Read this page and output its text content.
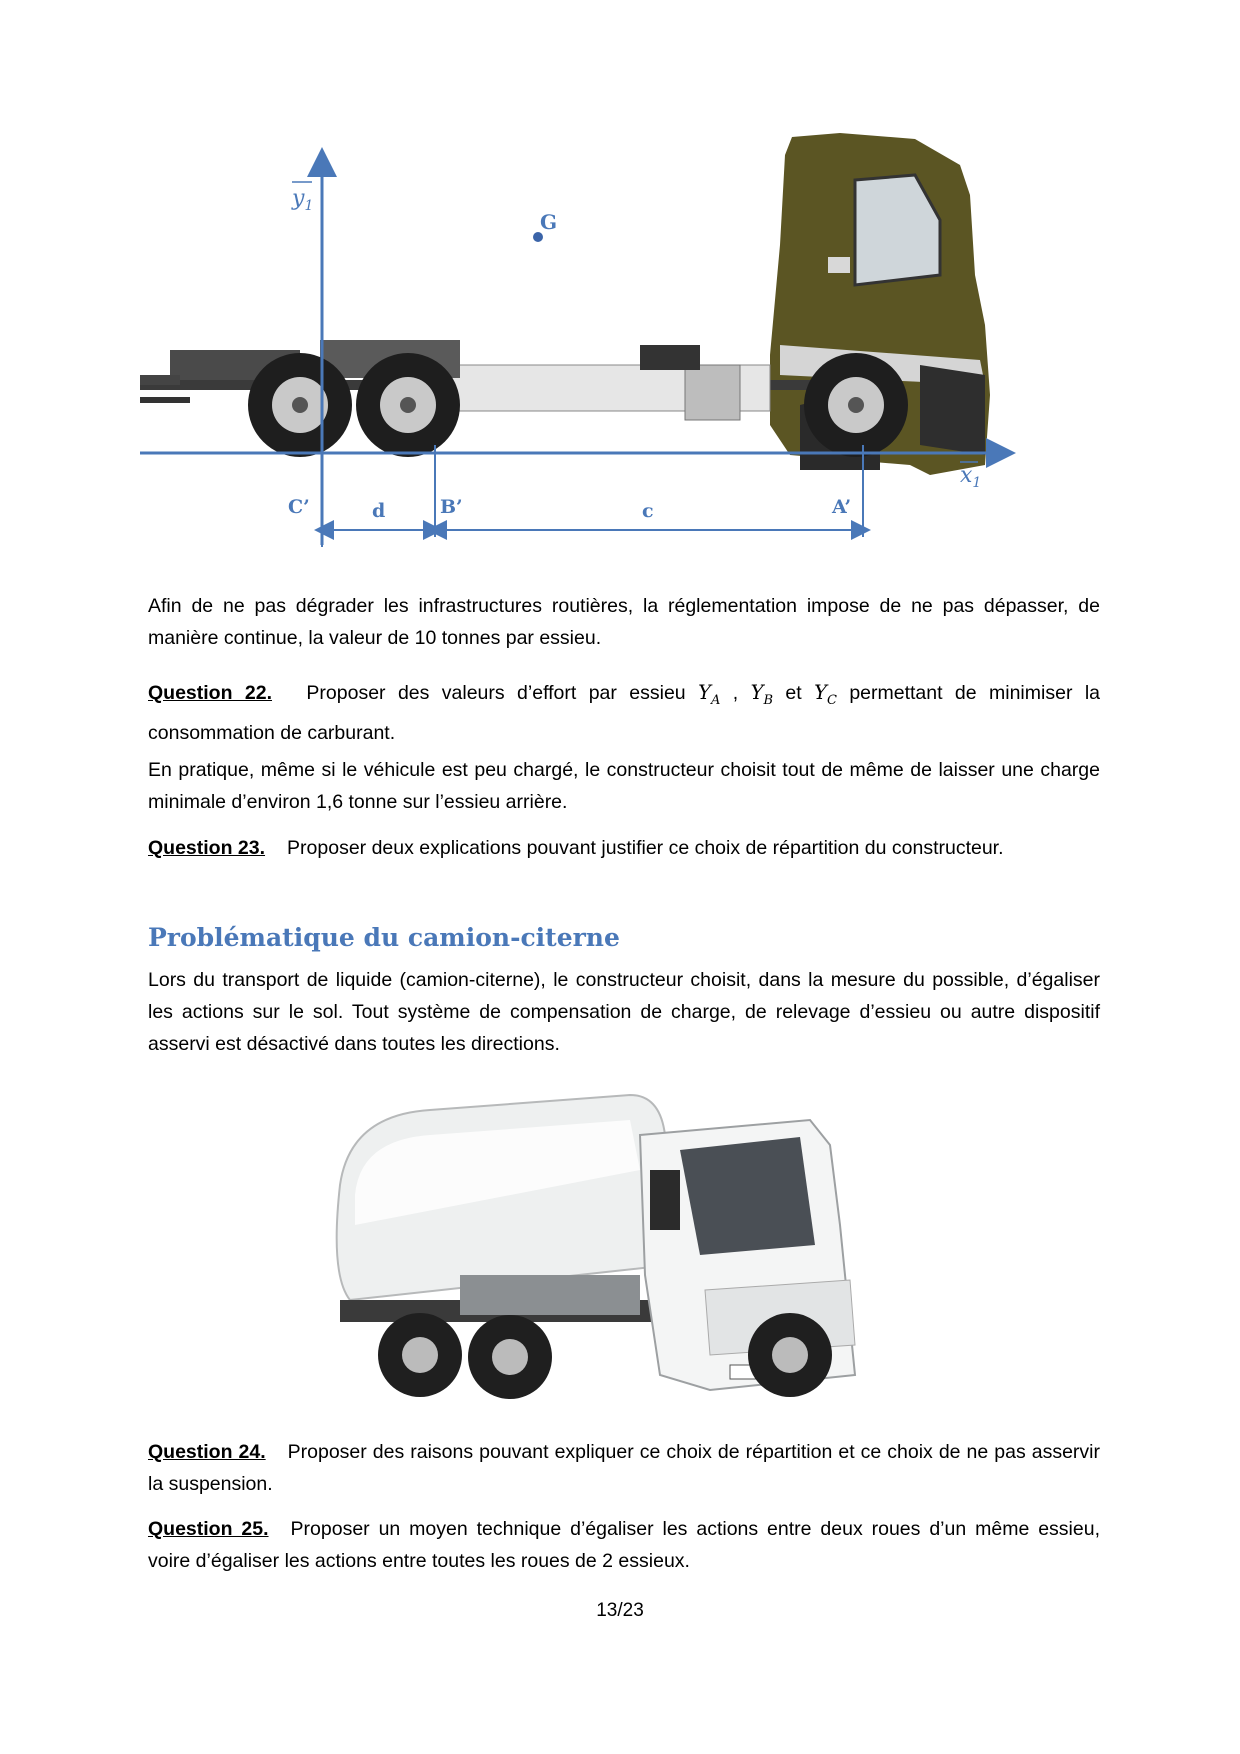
$y_1$
$x_1$
G
C’	d	B’	c	A’

Afin de ne pas dégrader les infrastructures routières, la réglementation impose de ne pas dépasser, de manière continue, la valeur de 10 tonnes par essieu.

Question 22. Proposer des valeurs d’effort par essieu $Y_A$ , $Y_B$ et $Y_C$ permettant de minimiser la consommation de carburant.

En pratique, même si le véhicule est peu chargé, le constructeur choisit tout de même de laisser une charge minimale d’environ 1,6 tonne sur l’essieu arrière.

Question 23. Proposer deux explications pouvant justifier ce choix de répartition du constructeur.

Problématique du camion-citerne

Lors du transport de liquide (camion-citerne), le constructeur choisit, dans la mesure du possible, d’égaliser les actions sur le sol. Tout système de compensation de charge, de relevage d’essieu ou autre dispositif asservi est désactivé dans toutes les directions.

Question 24. Proposer des raisons pouvant expliquer ce choix de répartition et ce choix de ne pas asservir la suspension.

Question 25. Proposer un moyen technique d’égaliser les actions entre deux roues d’un même essieu, voire d’égaliser les actions entre toutes les roues de 2 essieux.

13/23
